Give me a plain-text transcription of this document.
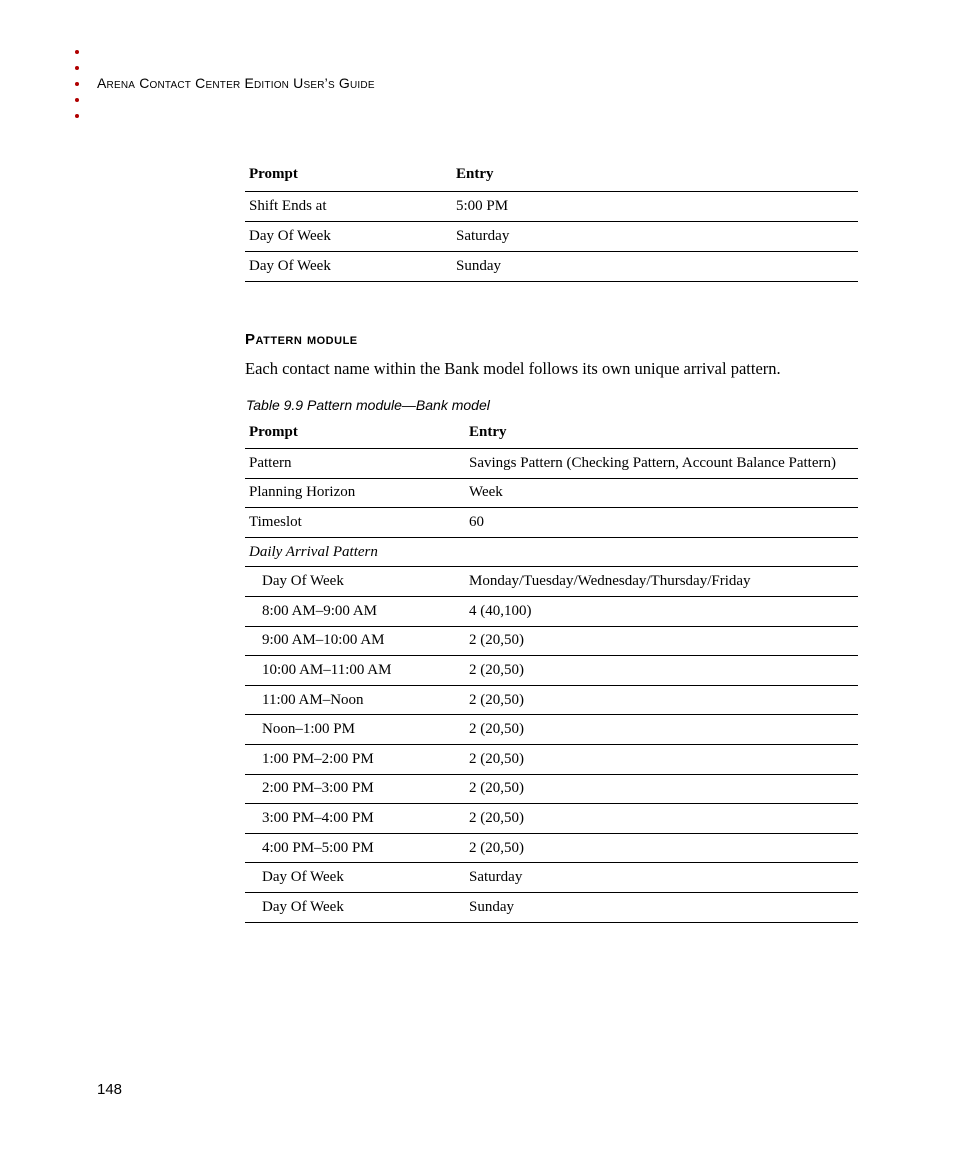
Arena Contact Center Edition User’s Guide
Prompt	Entry
Shift Ends at	5:00 PM
Day Of Week	Saturday
Day Of Week	Sunday
Pattern module

Each contact name within the Bank model follows its own unique arrival pattern.

Table 9.9 Pattern module—Bank model

Prompt	Entry
Pattern	Savings Pattern (Checking Pattern, Account Balance Pattern)
Planning Horizon	Week
Timeslot	60
Daily Arrival Pattern	
Day Of Week	Monday/Tuesday/Wednesday/Thursday/Friday
8:00 AM–9:00 AM	4 (40,100)
9:00 AM–10:00 AM	2 (20,50)
10:00 AM–11:00 AM	2 (20,50)
11:00 AM–Noon	2 (20,50)
Noon–1:00 PM	2 (20,50)
1:00 PM–2:00 PM	2 (20,50)
2:00 PM–3:00 PM	2 (20,50)
3:00 PM–4:00 PM	2 (20,50)
4:00 PM–5:00 PM	2 (20,50)
Day Of Week	Saturday
Day Of Week	Sunday

148
